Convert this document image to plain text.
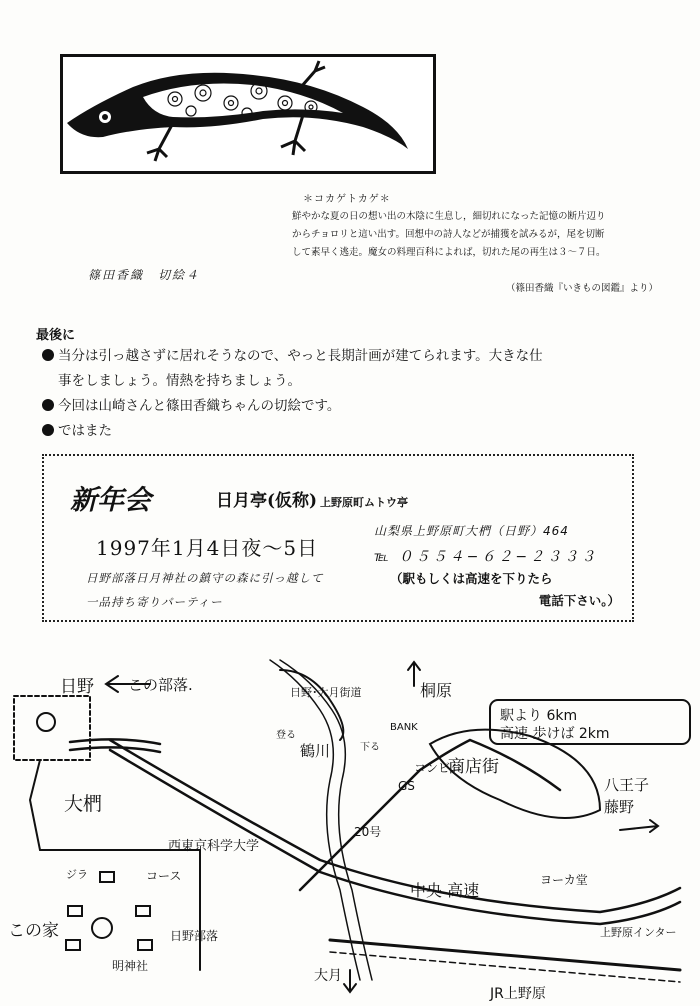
＊コカゲトカゲ＊
鮮やかな夏の日の想い出の木陰に生息し，細切れになった記憶の断片辺り
からチョロリと這い出す。回想中の詩人などが捕獲を試みるが，尾を切断
して素早く逃走。魔女の料理百科によれば，切れた尾の再生は３〜７日。
（篠田香織『いきもの図鑑』より）
篠田香織　切絵４
最後に
当分は引っ越さずに居れそうなので、やっと長期計画が建てられます。大きな仕
事をしましょう。情熱を持ちましょう。
今回は山崎さんと篠田香織ちゃんの切絵です。
ではまた
新年会	日月亭(仮称) 上野原町ムトウ亭
1997年1月4日夜〜5日
山梨県上野原町大椚（日野）464
℡ ０５５４−６２−２３３３
日野部落日月神社の鎮守の森に引っ越して
一品持ち寄りパーティー
（駅もしくは高速を下りたら
電話下さい。）
日野 この部落.
大椚
西東京科学大学
鶴川
日野･大月街道	桐原
駅より 6km
高速 歩けば 2km
商店街
八王子
藤野
20号
中央 高速
ヨーカ堂
上野原インター
GS
コンビニ
BANK
大月
JR上野原
この家
明神社
日野部落
コース
ジラ
登る
下る
